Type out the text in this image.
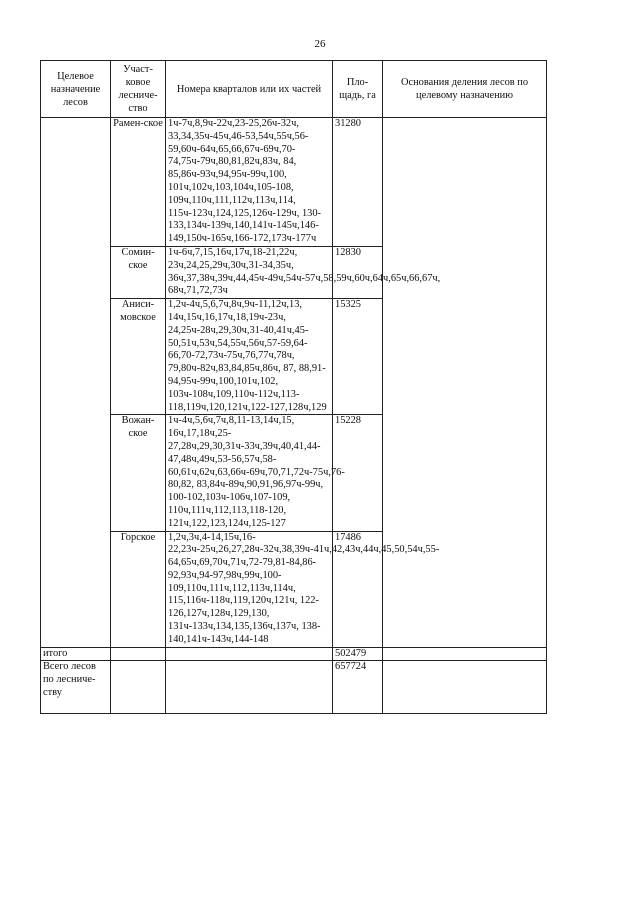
26
Целевое назначение лесов	Участ-ковое лесниче-ство	Номера кварталов или их частей	Пло-щадь, га	Основания деления лесов по целевому назначению
	Рамен-ское	1ч-7ч,8,9ч-22ч,23-25,26ч-32ч, 33,34,35ч-45ч,46-53,54ч,55ч,56-59,60ч-64ч,65,66,67ч-69ч,70-74,75ч-79ч,80,81,82ч,83ч, 84, 85,86ч-93ч,94,95ч-99ч,100, 101ч,102ч,103,104ч,105-108, 109ч,110ч,111,112ч,113ч,114, 115ч-123ч,124,125,126ч-129ч, 130-133,134ч-139ч,140,141ч-145ч,146-149,150ч-165ч,166-172,173ч-177ч	31280	
	Сомин-ское	1ч-6ч,7,15,16ч,17ч,18-21,22ч, 23ч,24,25,29ч,30ч,31-34,35ч, 36ч,37,38ч,39ч,44,45ч-49ч,54ч-57ч,58,59ч,60ч,64ч,65ч,66,67ч, 68ч,71,72,73ч	12830	
	Аниси-мовское	1,2ч-4ч,5,6,7ч,8ч,9ч-11,12ч,13, 14ч,15ч,16,17ч,18,19ч-23ч, 24,25ч-28ч,29,30ч,31-40,41ч,45-50,51ч,53ч,54,55ч,56ч,57-59,64-66,70-72,73ч-75ч,76,77ч,78ч, 79,80ч-82ч,83,84,85ч,86ч, 87, 88,91-94,95ч-99ч,100,101ч,102, 103ч-108ч,109,110ч-112ч,113-118,119ч,120,121ч,122-127,128ч,129	15325	
	Вожан-ское	1ч-4ч,5,6ч,7ч,8,11-13,14ч,15, 16ч,17,18ч,25-27,28ч,29,30,31ч-33ч,39ч,40,41,44-47,48ч,49ч,53-56,57ч,58-60,61ч,62ч,63,66ч-69ч,70,71,72ч-75ч,76-80,82, 83,84ч-89ч,90,91,96,97ч-99ч, 100-102,103ч-106ч,107-109, 110ч,111ч,112,113,118-120, 121ч,122,123,124ч,125-127	15228	
	Горское	1,2ч,3ч,4-14,15ч,16-22,23ч-25ч,26,27,28ч-32ч,38,39ч-41ч,42,43ч,44ч,45,50,54ч,55-64,65ч,69,70ч,71ч,72-79,81-84,86-92,93ч,94-97,98ч,99ч,100-109,110ч,111ч,112,113ч,114ч, 115,116ч-118ч,119,120ч,121ч, 122-126,127ч,128ч,129,130, 131ч-133ч,134,135,136ч,137ч, 138-140,141ч-143ч,144-148	17486	
итого			502479	
Всего лесов по лесниче-ству			657724	
